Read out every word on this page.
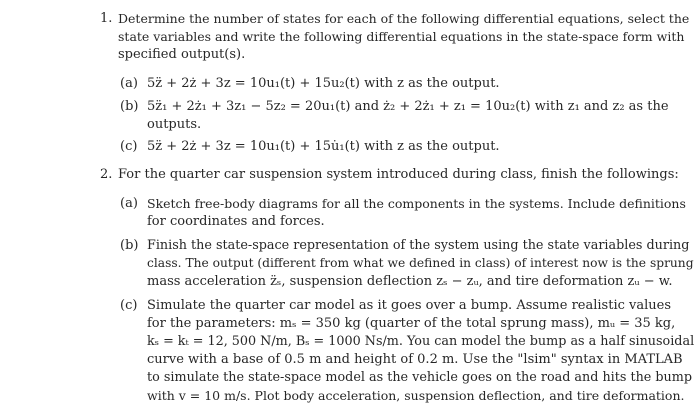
1. Determine the number of states for each of the following differential equations, select the
state variables and write the following differential equations in the state-space form with
specified output(s).
(a) 5z̈ + 2ż + 3z = 10u₁(t) + 15u₂(t) with z as the output.
(b) 5z̈₁ + 2ż₁ + 3z₁ − 5z₂ = 20u₁(t) and ż₂ + 2ż₁ + z₁ = 10u₂(t) with z₁ and z₂ as the
outputs.
(c) 5z̈ + 2ż + 3z = 10u₁(t) + 15u̇₁(t) with z as the output.
2. For the quarter car suspension system introduced during class, finish the followings:
(a) Sketch free-body diagrams for all the components in the systems. Include definitions
for coordinates and forces.
(b) Finish the state-space representation of the system using the state variables during
class. The output (different from what we defined in class) of interest now is the sprung
mass acceleration z̈ₛ, suspension deflection zₛ − zᵤ, and tire deformation zᵤ − w.
(c) Simulate the quarter car model as it goes over a bump. Assume realistic values
for the parameters: mₛ = 350 kg (quarter of the total sprung mass), mᵤ = 35 kg,
kₛ = kₜ = 12, 500 N/m, Bₛ = 1000 Ns/m. You can model the bump as a half sinusoidal
curve with a base of 0.5 m and height of 0.2 m. Use the "lsim" syntax in MATLAB
to simulate the state-space model as the vehicle goes on the road and hits the bump
with v = 10 m/s. Plot body acceleration, suspension deflection, and tire deformation.
